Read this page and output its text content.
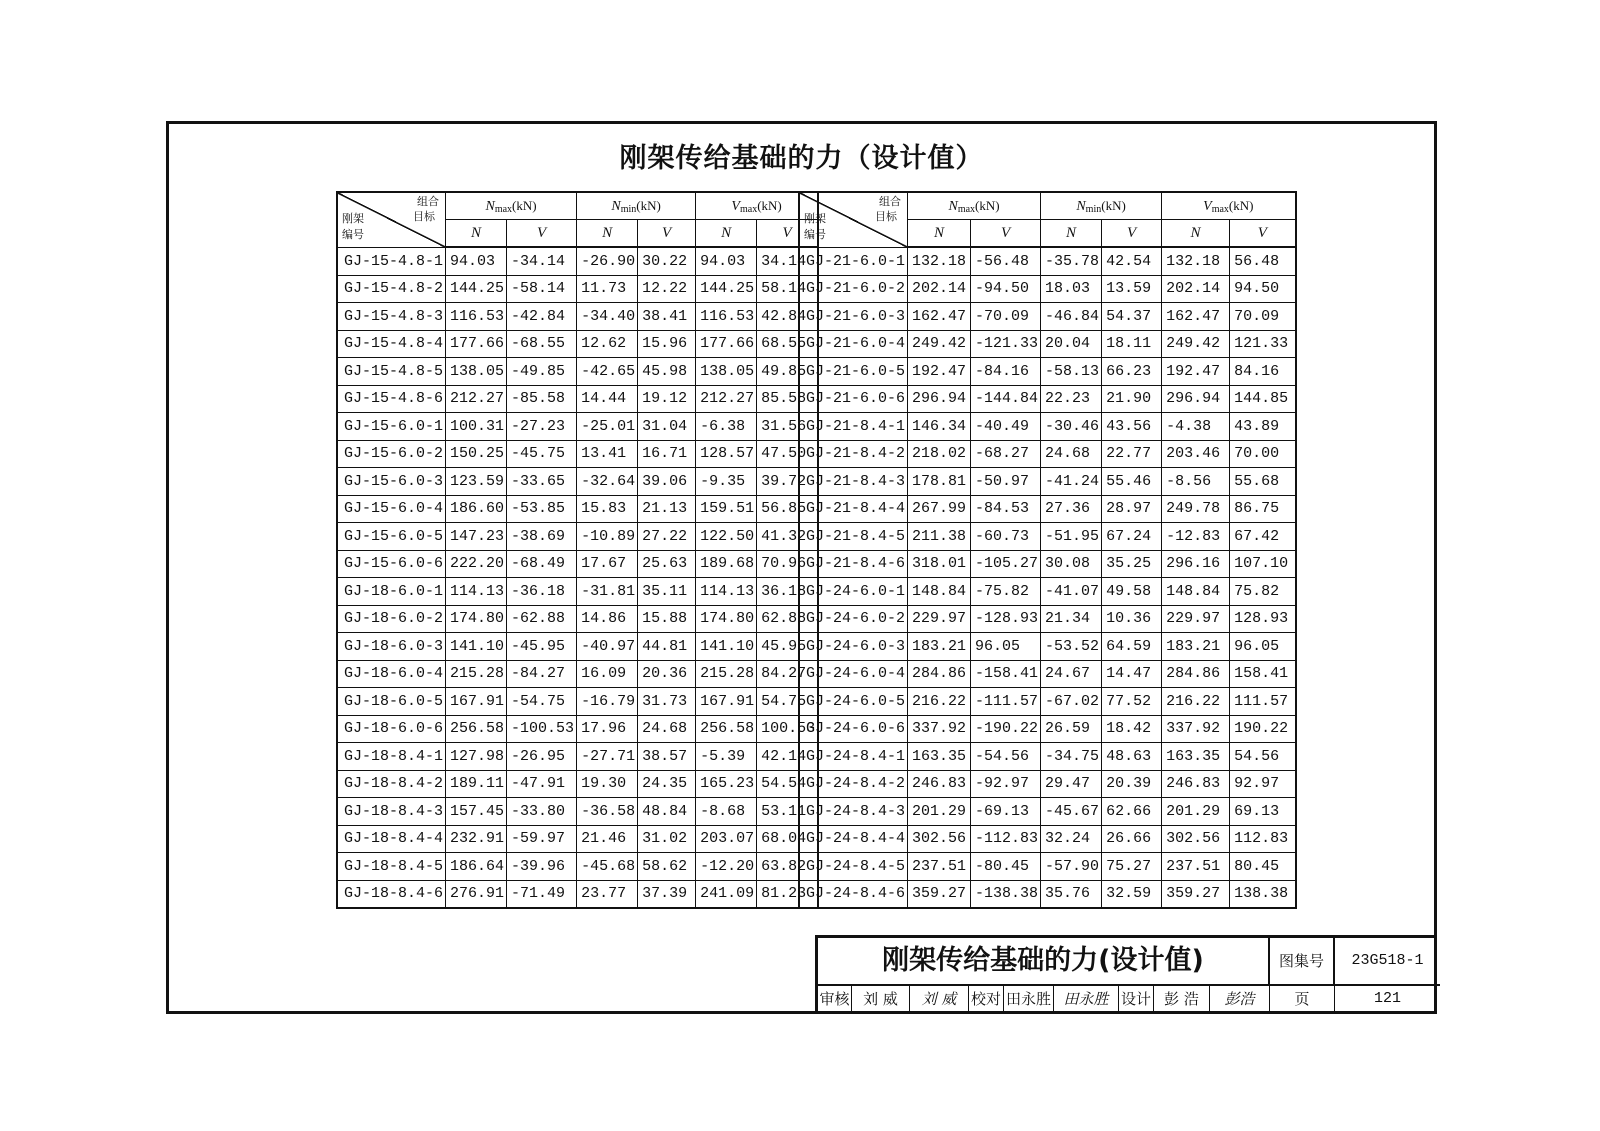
刚架传给基础的力（设计值）
组合
目标
刚架
编号	$N_{max}(kN)$		$N_{min}(kN)$		$V_{max}(kN)$	
	N	V	N	V	N	V
GJ-15-4.8-1	94.03	-34.14	-26.90	30.22	94.03	34.14
GJ-15-4.8-2	144.25	-58.14	11.73	12.22	144.25	58.14
GJ-15-4.8-3	116.53	-42.84	-34.40	38.41	116.53	42.84
GJ-15-4.8-4	177.66	-68.55	12.62	15.96	177.66	68.55
GJ-15-4.8-5	138.05	-49.85	-42.65	45.98	138.05	49.85
GJ-15-4.8-6	212.27	-85.58	14.44	19.12	212.27	85.58
GJ-15-6.0-1	100.31	-27.23	-25.01	31.04	-6.38	31.56
GJ-15-6.0-2	150.25	-45.75	13.41	16.71	128.57	47.50
GJ-15-6.0-3	123.59	-33.65	-32.64	39.06	-9.35	39.72
GJ-15-6.0-4	186.60	-53.85	15.83	21.13	159.51	56.85
GJ-15-6.0-5	147.23	-38.69	-10.89	27.22	122.50	41.32
GJ-15-6.0-6	222.20	-68.49	17.67	25.63	189.68	70.96
GJ-18-6.0-1	114.13	-36.18	-31.81	35.11	114.13	36.18
GJ-18-6.0-2	174.80	-62.88	14.86	15.88	174.80	62.88
GJ-18-6.0-3	141.10	-45.95	-40.97	44.81	141.10	45.95
GJ-18-6.0-4	215.28	-84.27	16.09	20.36	215.28	84.27
GJ-18-6.0-5	167.91	-54.75	-16.79	31.73	167.91	54.75
GJ-18-6.0-6	256.58	-100.53	17.96	24.68	256.58	100.53
GJ-18-8.4-1	127.98	-26.95	-27.71	38.57	-5.39	42.14
GJ-18-8.4-2	189.11	-47.91	19.30	24.35	165.23	54.54
GJ-18-8.4-3	157.45	-33.80	-36.58	48.84	-8.68	53.11
GJ-18-8.4-4	232.91	-59.97	21.46	31.02	203.07	68.04
GJ-18-8.4-5	186.64	-39.96	-45.68	58.62	-12.20	63.82
GJ-18-8.4-6	276.91	-71.49	23.77	37.39	241.09	81.23
组合
目标
刚架
编号	$N_{max}(kN)$		$N_{min}(kN)$		$V_{max}(kN)$	
	N	V	N	V	N	V
GJ-21-6.0-1	132.18	-56.48	-35.78	42.54	132.18	56.48
GJ-21-6.0-2	202.14	-94.50	18.03	13.59	202.14	94.50
GJ-21-6.0-3	162.47	-70.09	-46.84	54.37	162.47	70.09
GJ-21-6.0-4	249.42	-121.33	20.04	18.11	249.42	121.33
GJ-21-6.0-5	192.47	-84.16	-58.13	66.23	192.47	84.16
GJ-21-6.0-6	296.94	-144.84	22.23	21.90	296.94	144.85
GJ-21-8.4-1	146.34	-40.49	-30.46	43.56	-4.38	43.89
GJ-21-8.4-2	218.02	-68.27	24.68	22.77	203.46	70.00
GJ-21-8.4-3	178.81	-50.97	-41.24	55.46	-8.56	55.68
GJ-21-8.4-4	267.99	-84.53	27.36	28.97	249.78	86.75
GJ-21-8.4-5	211.38	-60.73	-51.95	67.24	-12.83	67.42
GJ-21-8.4-6	318.01	-105.27	30.08	35.25	296.16	107.10
GJ-24-6.0-1	148.84	-75.82	-41.07	49.58	148.84	75.82
GJ-24-6.0-2	229.97	-128.93	21.34	10.36	229.97	128.93
GJ-24-6.0-3	183.21	96.05	-53.52	64.59	183.21	96.05
GJ-24-6.0-4	284.86	-158.41	24.67	14.47	284.86	158.41
GJ-24-6.0-5	216.22	-111.57	-67.02	77.52	216.22	111.57
GJ-24-6.0-6	337.92	-190.22	26.59	18.42	337.92	190.22
GJ-24-8.4-1	163.35	-54.56	-34.75	48.63	163.35	54.56
GJ-24-8.4-2	246.83	-92.97	29.47	20.39	246.83	92.97
GJ-24-8.4-3	201.29	-69.13	-45.67	62.66	201.29	69.13
GJ-24-8.4-4	302.56	-112.83	32.24	26.66	302.56	112.83
GJ-24-8.4-5	237.51	-80.45	-57.90	75.27	237.51	80.45
GJ-24-8.4-6	359.27	-138.38	35.76	32.59	359.27	138.38
刚架传给基础的力(设计值)	图集号	23G518-1
审核 刘 威	刘 威 校对 田永胜 田永胜 设计 彭 浩	彭浩	页	121
